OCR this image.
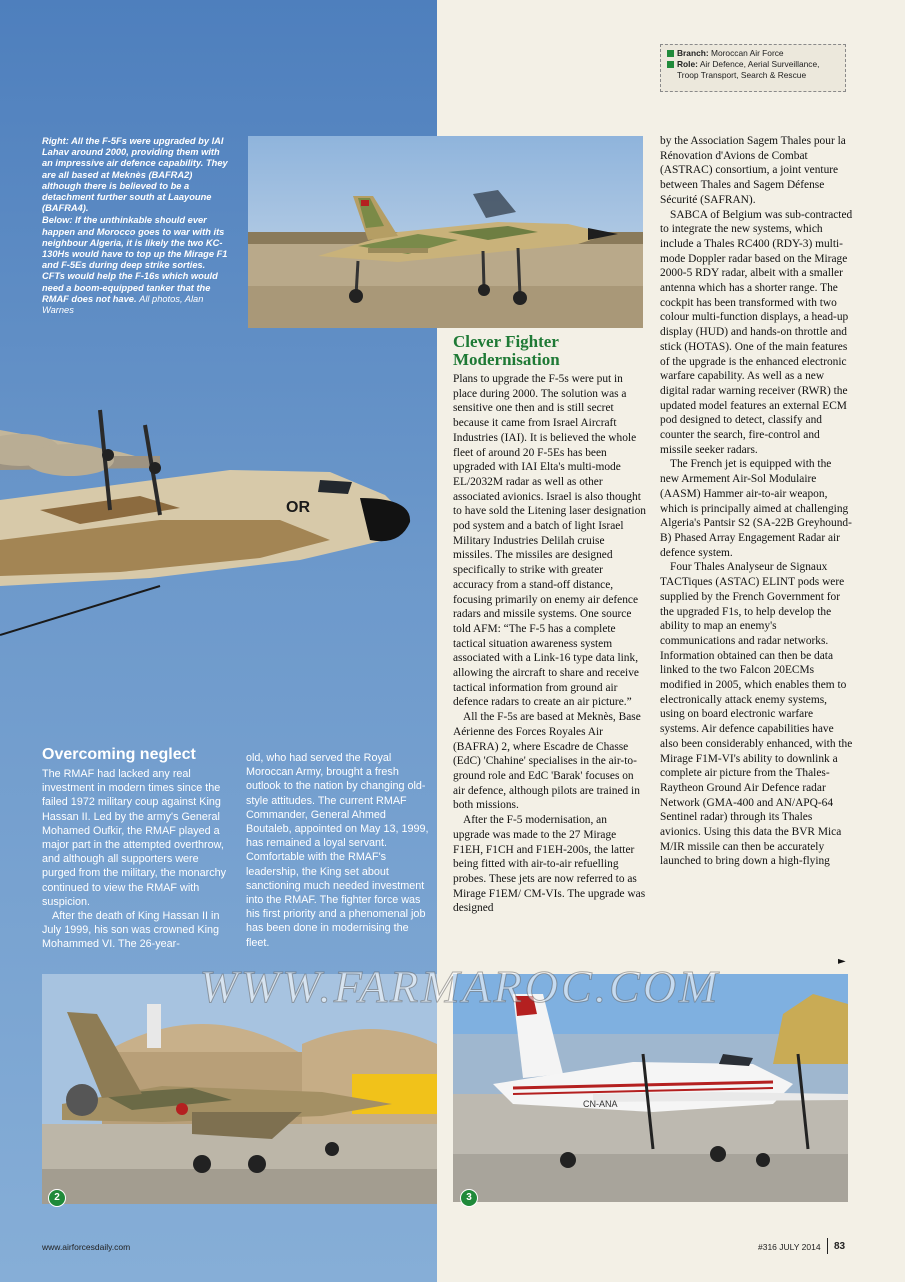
Branch: Moroccan Air Force
Role: Air Defence, Aerial Surveillance, Troop Transport, Search & Rescue

Right: All the F-5Fs were upgraded by IAI Lahav around 2000, providing them with an impressive air defence capability. They are all based at Meknès (BAFRA2) although there is believed to be a detachment further south at Laayoune (BAFRA4).

Below: If the unthinkable should ever happen and Morocco goes to war with its neighbour Algeria, it is likely the two KC-130Hs would have to top up the Mirage F1 and F-5Es during deep strike sorties. CFTs would help the F-16s which would need a boom-equipped tanker that the RMAF does not have. All photos, Alan Warnes

OR
Clever Fighter Modernisation

Plans to upgrade the F-5s were put in place during 2000. The solution was a sensitive one then and is still secret because it came from Israel Aircraft Industries (IAI). It is believed the whole fleet of around 20 F-5Es has been upgraded with IAI Elta's multi-mode EL/2032M radar as well as other associated avionics. Israel is also thought to have sold the Litening laser designation pod system and a batch of light Israel Military Industries Delilah cruise missiles. The missiles are designed specifically to strike with greater accuracy from a stand-off distance, focusing primarily on enemy air defence radars and missile systems. One source told AFM: “The F-5 has a complete tactical situation awareness system associated with a Link-16 type data link, allowing the aircraft to share and receive tactical information from ground air defence radars to create an air picture.”

All the F-5s are based at Meknès, Base Aérienne des Forces Royales Air (BAFRA) 2, where Escadre de Chasse (EdC) 'Chahine' specialises in the air-to-ground role and EdC 'Barak' focuses on air defence, although pilots are trained in both missions.

After the F-5 modernisation, an upgrade was made to the 27 Mirage F1EH, F1CH and F1EH-200s, the latter being fitted with air-to-air refuelling probes. These jets are now referred to as Mirage F1EM/ CM-VIs. The upgrade was designed

by the Association Sagem Thales pour la Rénovation d'Avions de Combat (ASTRAC) consortium, a joint venture between Thales and Sagem Défense Sécurité (SAFRAN).

SABCA of Belgium was sub-contracted to integrate the new systems, which include a Thales RC400 (RDY-3) multi-mode Doppler radar based on the Mirage 2000-5 RDY radar, albeit with a smaller antenna which has a shorter range. The cockpit has been transformed with two colour multi-function displays, a head-up display (HUD) and hands-on throttle and stick (HOTAS). One of the main features of the upgrade is the enhanced electronic warfare capability. As well as a new digital radar warning receiver (RWR) the updated model features an external ECM pod designed to detect, classify and counter the search, fire-control and missile seeker radars.

The French jet is equipped with the new Armement Air-Sol Modulaire (AASM) Hammer air-to-air weapon, which is principally aimed at challenging Algeria's Pantsir S2 (SA-22B Greyhound-B) Phased Array Engagement Radar air defence system.

Four Thales Analyseur de Signaux TACTiques (ASTAC) ELINT pods were supplied by the French Government for the upgraded F1s, to help develop the ability to map an enemy's communications and radar networks. Information obtained can then be data linked to the two Falcon 20ECMs modified in 2005, which enables them to electronically attack enemy systems, using on board electronic warfare systems. Air defence capabilities have also been considerably enhanced, with the Mirage F1M-VI's ability to downlink a complete air picture from the Thales-Raytheon Ground Air Defence radar Network (GMA-400 and AN/APQ-64 Sentinel radar) through its Thales avionics. Using this data the BVR Mica M/IR missile can then be accurately launched to bring down a high-flying

►
Overcoming neglect

The RMAF had lacked any real investment in modern times since the failed 1972 military coup against King Hassan II. Led by the army's General Mohamed Oufkir, the RMAF played a major part in the attempted overthrow, and although all supporters were purged from the military, the monarchy continued to view the RMAF with suspicion.

After the death of King Hassan II in July 1999, his son was crowned King Mohammed VI. The 26-year-

old, who had served the Royal Moroccan Army, brought a fresh outlook to the nation by changing old-style attitudes. The current RMAF Commander, General Ahmed Boutaleb, appointed on May 13, 1999, has remained a loyal servant. Comfortable with the RMAF's leadership, the King set about sanctioning much needed investment into the RMAF. The fighter force was his first priority and a phenomenal job has been done in modernising the fleet.

2
CN-ANA
3
WWW.FARMAROC.COM
www.airforcesdaily.com	#316 JULY 2014 83
